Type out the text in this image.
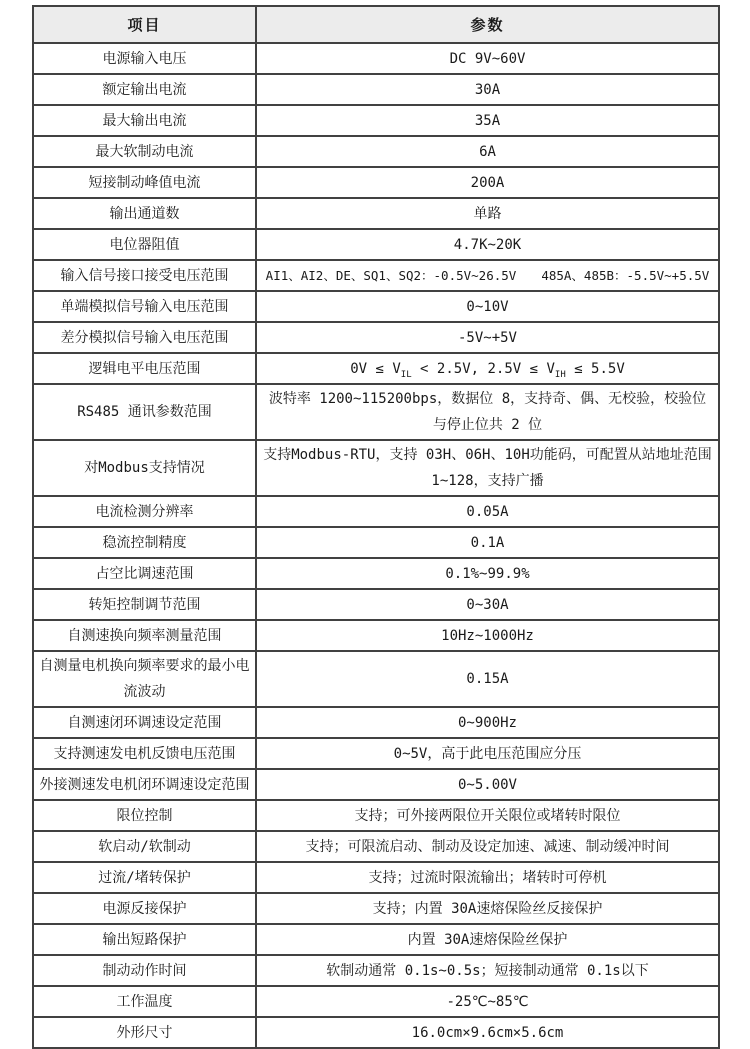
项目	参数
电源输入电压	DC 9V~60V
额定输出电流	30A
最大输出电流	35A
最大软制动电流	6A
短接制动峰值电流	200A
输出通道数	单路
电位器阻值	4.7K~20K
输入信号接口接受电压范围	AI1、AI2、DE、SQ1、SQ2：-0.5V~26.5V　　485A、485B：-5.5V~+5.5V
单端模拟信号输入电压范围	0~10V
差分模拟信号输入电压范围	-5V~+5V
逻辑电平电压范围	$0V \le V_{IL} < 2.5V$, $2.5V \le V_{IH} \le 5.5V$
RS485 通讯参数范围	波特率 1200~115200bps，数据位 8，支持奇、偶、无校验，校验位与停止位共 2 位
对Modbus支持情况	支持Modbus-RTU，支持 03H、06H、10H功能码，可配置从站地址范围 1~128，支持广播
电流检测分辨率	0.05A
稳流控制精度	0.1A
占空比调速范围	0.1%~99.9%
转矩控制调节范围	0~30A
自测速换向频率测量范围	10Hz~1000Hz
自测量电机换向频率要求的最小电流波动	0.15A
自测速闭环调速设定范围	0~900Hz
支持测速发电机反馈电压范围	0~5V，高于此电压范围应分压
外接测速发电机闭环调速设定范围	0~5.00V
限位控制	支持；可外接两限位开关限位或堵转时限位
软启动/软制动	支持；可限流启动、制动及设定加速、减速、制动缓冲时间
过流/堵转保护	支持；过流时限流输出；堵转时可停机
电源反接保护	支持；内置 30A速熔保险丝反接保护
输出短路保护	内置 30A速熔保险丝保护
制动动作时间	软制动通常 0.1s~0.5s；短接制动通常 0.1s以下
工作温度	-25℃~85℃
外形尺寸	16.0cm×9.6cm×5.6cm
